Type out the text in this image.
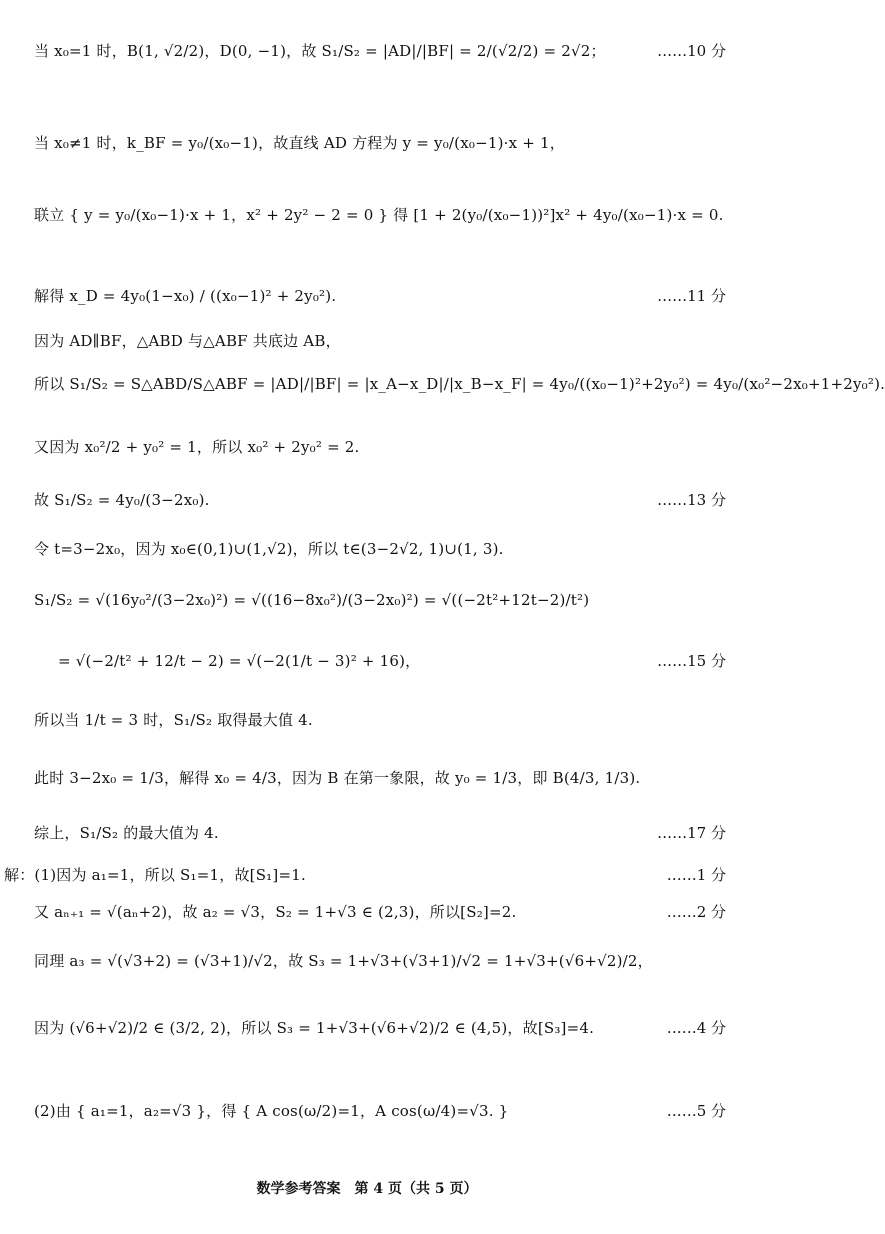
当 x₀=1 时，B(1, √2/2)，D(0, −1)，故 S₁/S₂ = |AD|/|BF| = 2/(√2/2) = 2√2；	……10 分
当 x₀≠1 时，k_BF = y₀/(x₀−1)，故直线 AD 方程为 y = y₀/(x₀−1)·x + 1，
联立 { y = y₀/(x₀−1)·x + 1，x² + 2y² − 2 = 0 } 得 [1 + 2(y₀/(x₀−1))²]x² + 4y₀/(x₀−1)·x = 0.
解得 x_D = 4y₀(1−x₀) / ((x₀−1)² + 2y₀²).	……11 分
因为 AD∥BF，△ABD 与△ABF 共底边 AB，
所以 S₁/S₂ = S△ABD/S△ABF = |AD|/|BF| = |x_A−x_D|/|x_B−x_F| = 4y₀/((x₀−1)²+2y₀²) = 4y₀/(x₀²−2x₀+1+2y₀²).
又因为 x₀²/2 + y₀² = 1，所以 x₀² + 2y₀² = 2.
故 S₁/S₂ = 4y₀/(3−2x₀).	……13 分
令 t=3−2x₀，因为 x₀∈(0,1)∪(1,√2)，所以 t∈(3−2√2, 1)∪(1, 3).
S₁/S₂ = √(16y₀²/(3−2x₀)²) = √((16−8x₀²)/(3−2x₀)²) = √((−2t²+12t−2)/t²)
= √(−2/t² + 12/t − 2) = √(−2(1/t − 3)² + 16)，	……15 分
所以当 1/t = 3 时，S₁/S₂ 取得最大值 4.
此时 3−2x₀ = 1/3，解得 x₀ = 4/3，因为 B 在第一象限，故 y₀ = 1/3，即 B(4/3, 1/3).
综上，S₁/S₂ 的最大值为 4.	……17 分
解：(1)因为 a₁=1，所以 S₁=1，故[S₁]=1.	……1 分
又 aₙ₊₁ = √(aₙ+2)，故 a₂ = √3，S₂ = 1+√3 ∈ (2,3)，所以[S₂]=2.	……2 分
同理 a₃ = √(√3+2) = (√3+1)/√2，故 S₃ = 1+√3+(√3+1)/√2 = 1+√3+(√6+√2)/2，
因为 (√6+√2)/2 ∈ (3/2, 2)，所以 S₃ = 1+√3+(√6+√2)/2 ∈ (4,5)，故[S₃]=4.	……4 分
(2)由 { a₁=1，a₂=√3 }，得 { A cos(ω/2)=1，A cos(ω/4)=√3. }	……5 分
数学参考答案　第 4 页（共 5 页）
